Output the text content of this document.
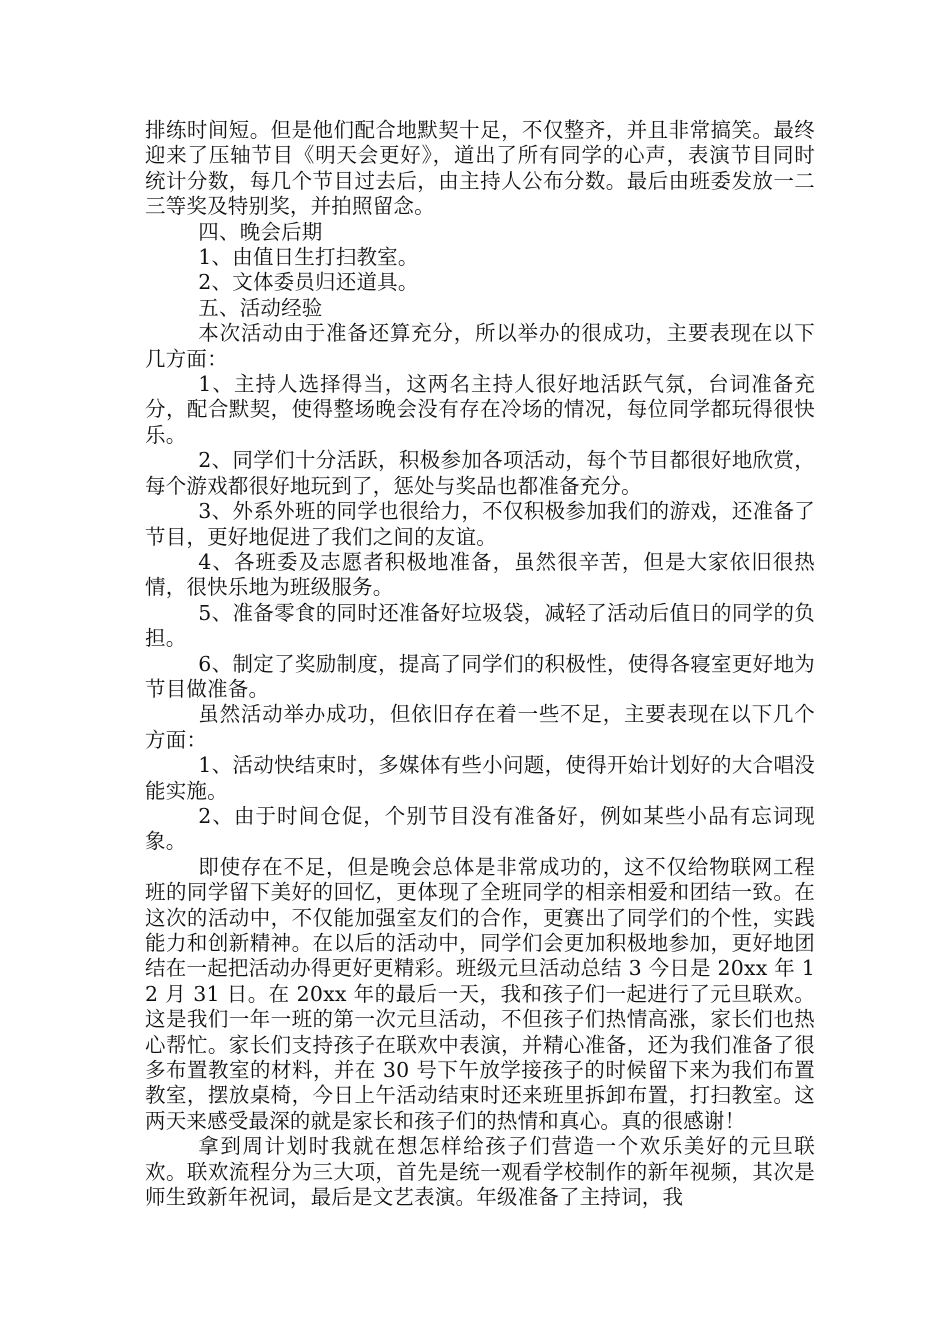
排练时间短。但是他们配合地默契十足，不仅整齐，并且非常搞笑。最终迎来了压轴节目《明天会更好》，道出了所有同学的心声，表演节目同时统计分数，每几个节目过去后，由主持人公布分数。最后由班委发放一二三等奖及特别奖，并拍照留念。

四、晚会后期

1、由值日生打扫教室。

2、文体委员归还道具。

五、活动经验

本次活动由于准备还算充分，所以举办的很成功，主要表现在以下几方面：

1、主持人选择得当，这两名主持人很好地活跃气氛，台词准备充分，配合默契，使得整场晚会没有存在冷场的情况，每位同学都玩得很快乐。

2、同学们十分活跃，积极参加各项活动，每个节目都很好地欣赏，每个游戏都很好地玩到了，惩处与奖品也都准备充分。

3、外系外班的同学也很给力，不仅积极参加我们的游戏，还准备了节目，更好地促进了我们之间的友谊。

4、各班委及志愿者积极地准备，虽然很辛苦，但是大家依旧很热情，很快乐地为班级服务。

5、准备零食的同时还准备好垃圾袋，减轻了活动后值日的同学的负担。

6、制定了奖励制度，提高了同学们的积极性，使得各寝室更好地为节目做准备。

虽然活动举办成功，但依旧存在着一些不足，主要表现在以下几个方面：

1、活动快结束时，多媒体有些小问题，使得开始计划好的大合唱没能实施。

2、由于时间仓促，个别节目没有准备好，例如某些小品有忘词现象。

即使存在不足，但是晚会总体是非常成功的，这不仅给物联网工程班的同学留下美好的回忆，更体现了全班同学的相亲相爱和团结一致。在这次的活动中，不仅能加强室友们的合作，更赛出了同学们的个性，实践能力和创新精神。在以后的活动中，同学们会更加积极地参加，更好地团结在一起把活动办得更好更精彩。班级元旦活动总结 3 今日是 20xx 年 12 月 31 日。在 20xx 年的最后一天，我和孩子们一起进行了元旦联欢。这是我们一年一班的第一次元旦活动，不但孩子们热情高涨，家长们也热心帮忙。家长们支持孩子在联欢中表演，并精心准备，还为我们准备了很多布置教室的材料，并在 30 号下午放学接孩子的时候留下来为我们布置教室，摆放桌椅，今日上午活动结束时还来班里拆卸布置，打扫教室。这两天来感受最深的就是家长和孩子们的热情和真心。真的很感谢！

拿到周计划时我就在想怎样给孩子们营造一个欢乐美好的元旦联欢。联欢流程分为三大项，首先是统一观看学校制作的新年视频，其次是师生致新年祝词，最后是文艺表演。年级准备了主持词，我
